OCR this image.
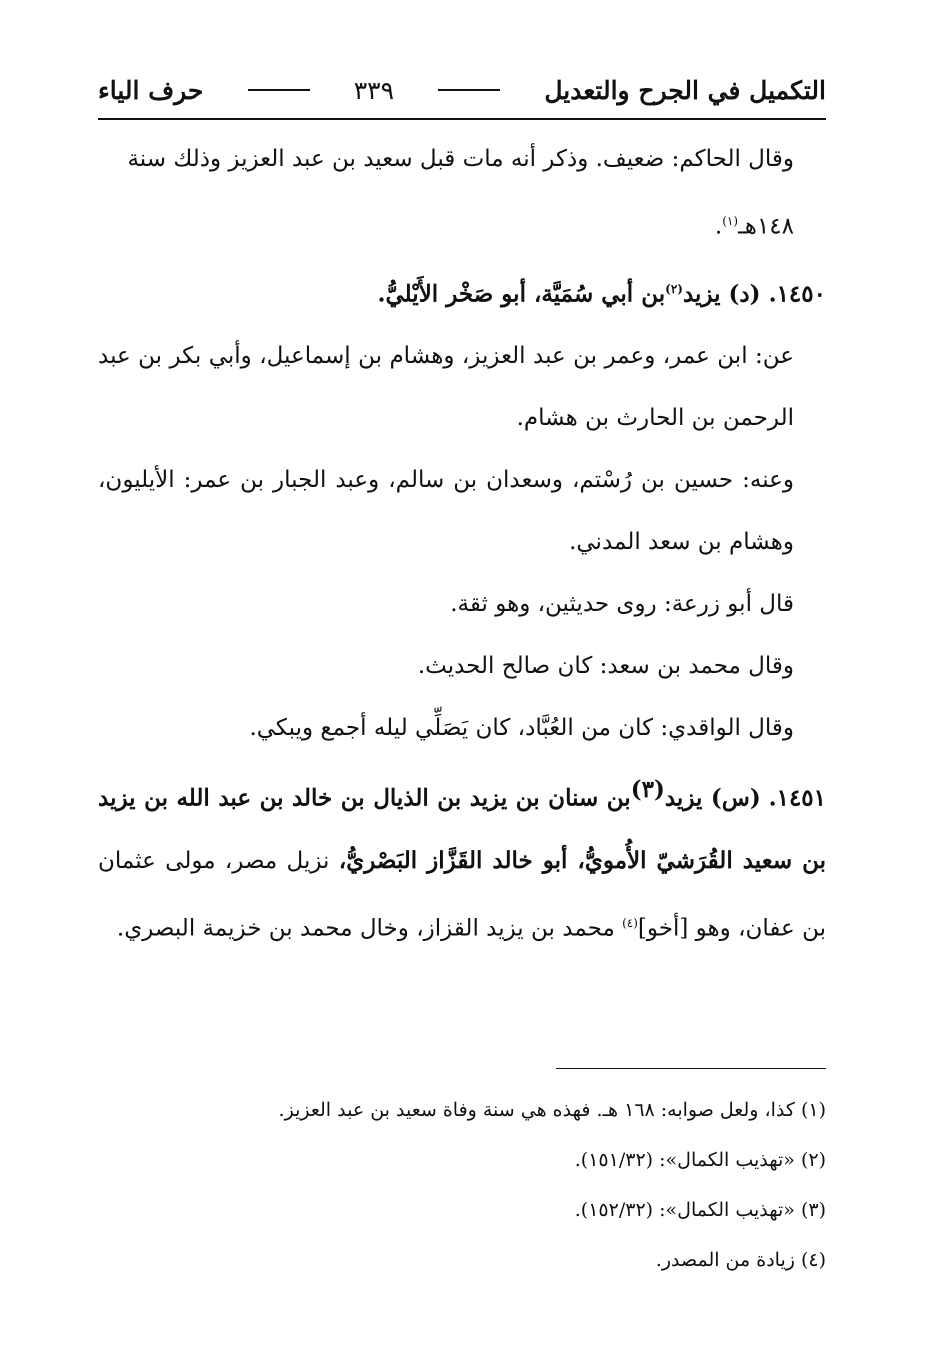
التكميل في الجرح والتعديل
٣٣٩
حرف الياء
وقال الحاكم: ضعيف. وذكر أنه مات قبل سعيد بن عبد العزيز وذلك سنة
١٤٨هـ$^{(١)}$.
١٤٥٠. (د) يزيد$^{(٢)}$بن أبي سُمَيَّة، أبو صَخْر الأَيْليُّ.
عن: ابن عمر، وعمر بن عبد العزيز، وهشام بن إسماعيل، وأبي بكر بن عبد الرحمن بن الحارث بن هشام.
وعنه: حسين بن رُسْتم، وسعدان بن سالم، وعبد الجبار بن عمر: الأيليون، وهشام بن سعد المدني.
قال أبو زرعة: روى حديثين، وهو ثقة.
وقال محمد بن سعد: كان صالح الحديث.
وقال الواقدي: كان من العُبَّاد، كان يَصَلِّي ليله أجمع ويبكي.
١٤٥١. (س) يزيد$^{(٣)}$بن سنان بن يزيد بن الذيال بن خالد بن عبد الله بن يزيد بن سعيد القُرَشيّ الأُمويُّ، أبو خالد القَزَّاز البَصْريُّ، نزيل مصر، مولى عثمان بن عفان، وهو [أخو]$^{(٤)}$ محمد بن يزيد القزاز، وخال محمد بن خزيمة البصري.
(١) كذا، ولعل صوابه: ١٦٨ هـ. فهذه هي سنة وفاة سعيد بن عبد العزيز.
(٢) «تهذيب الكمال»: (١٥١/٣٢).
(٣) «تهذيب الكمال»: (١٥٢/٣٢).
(٤) زيادة من المصدر.
